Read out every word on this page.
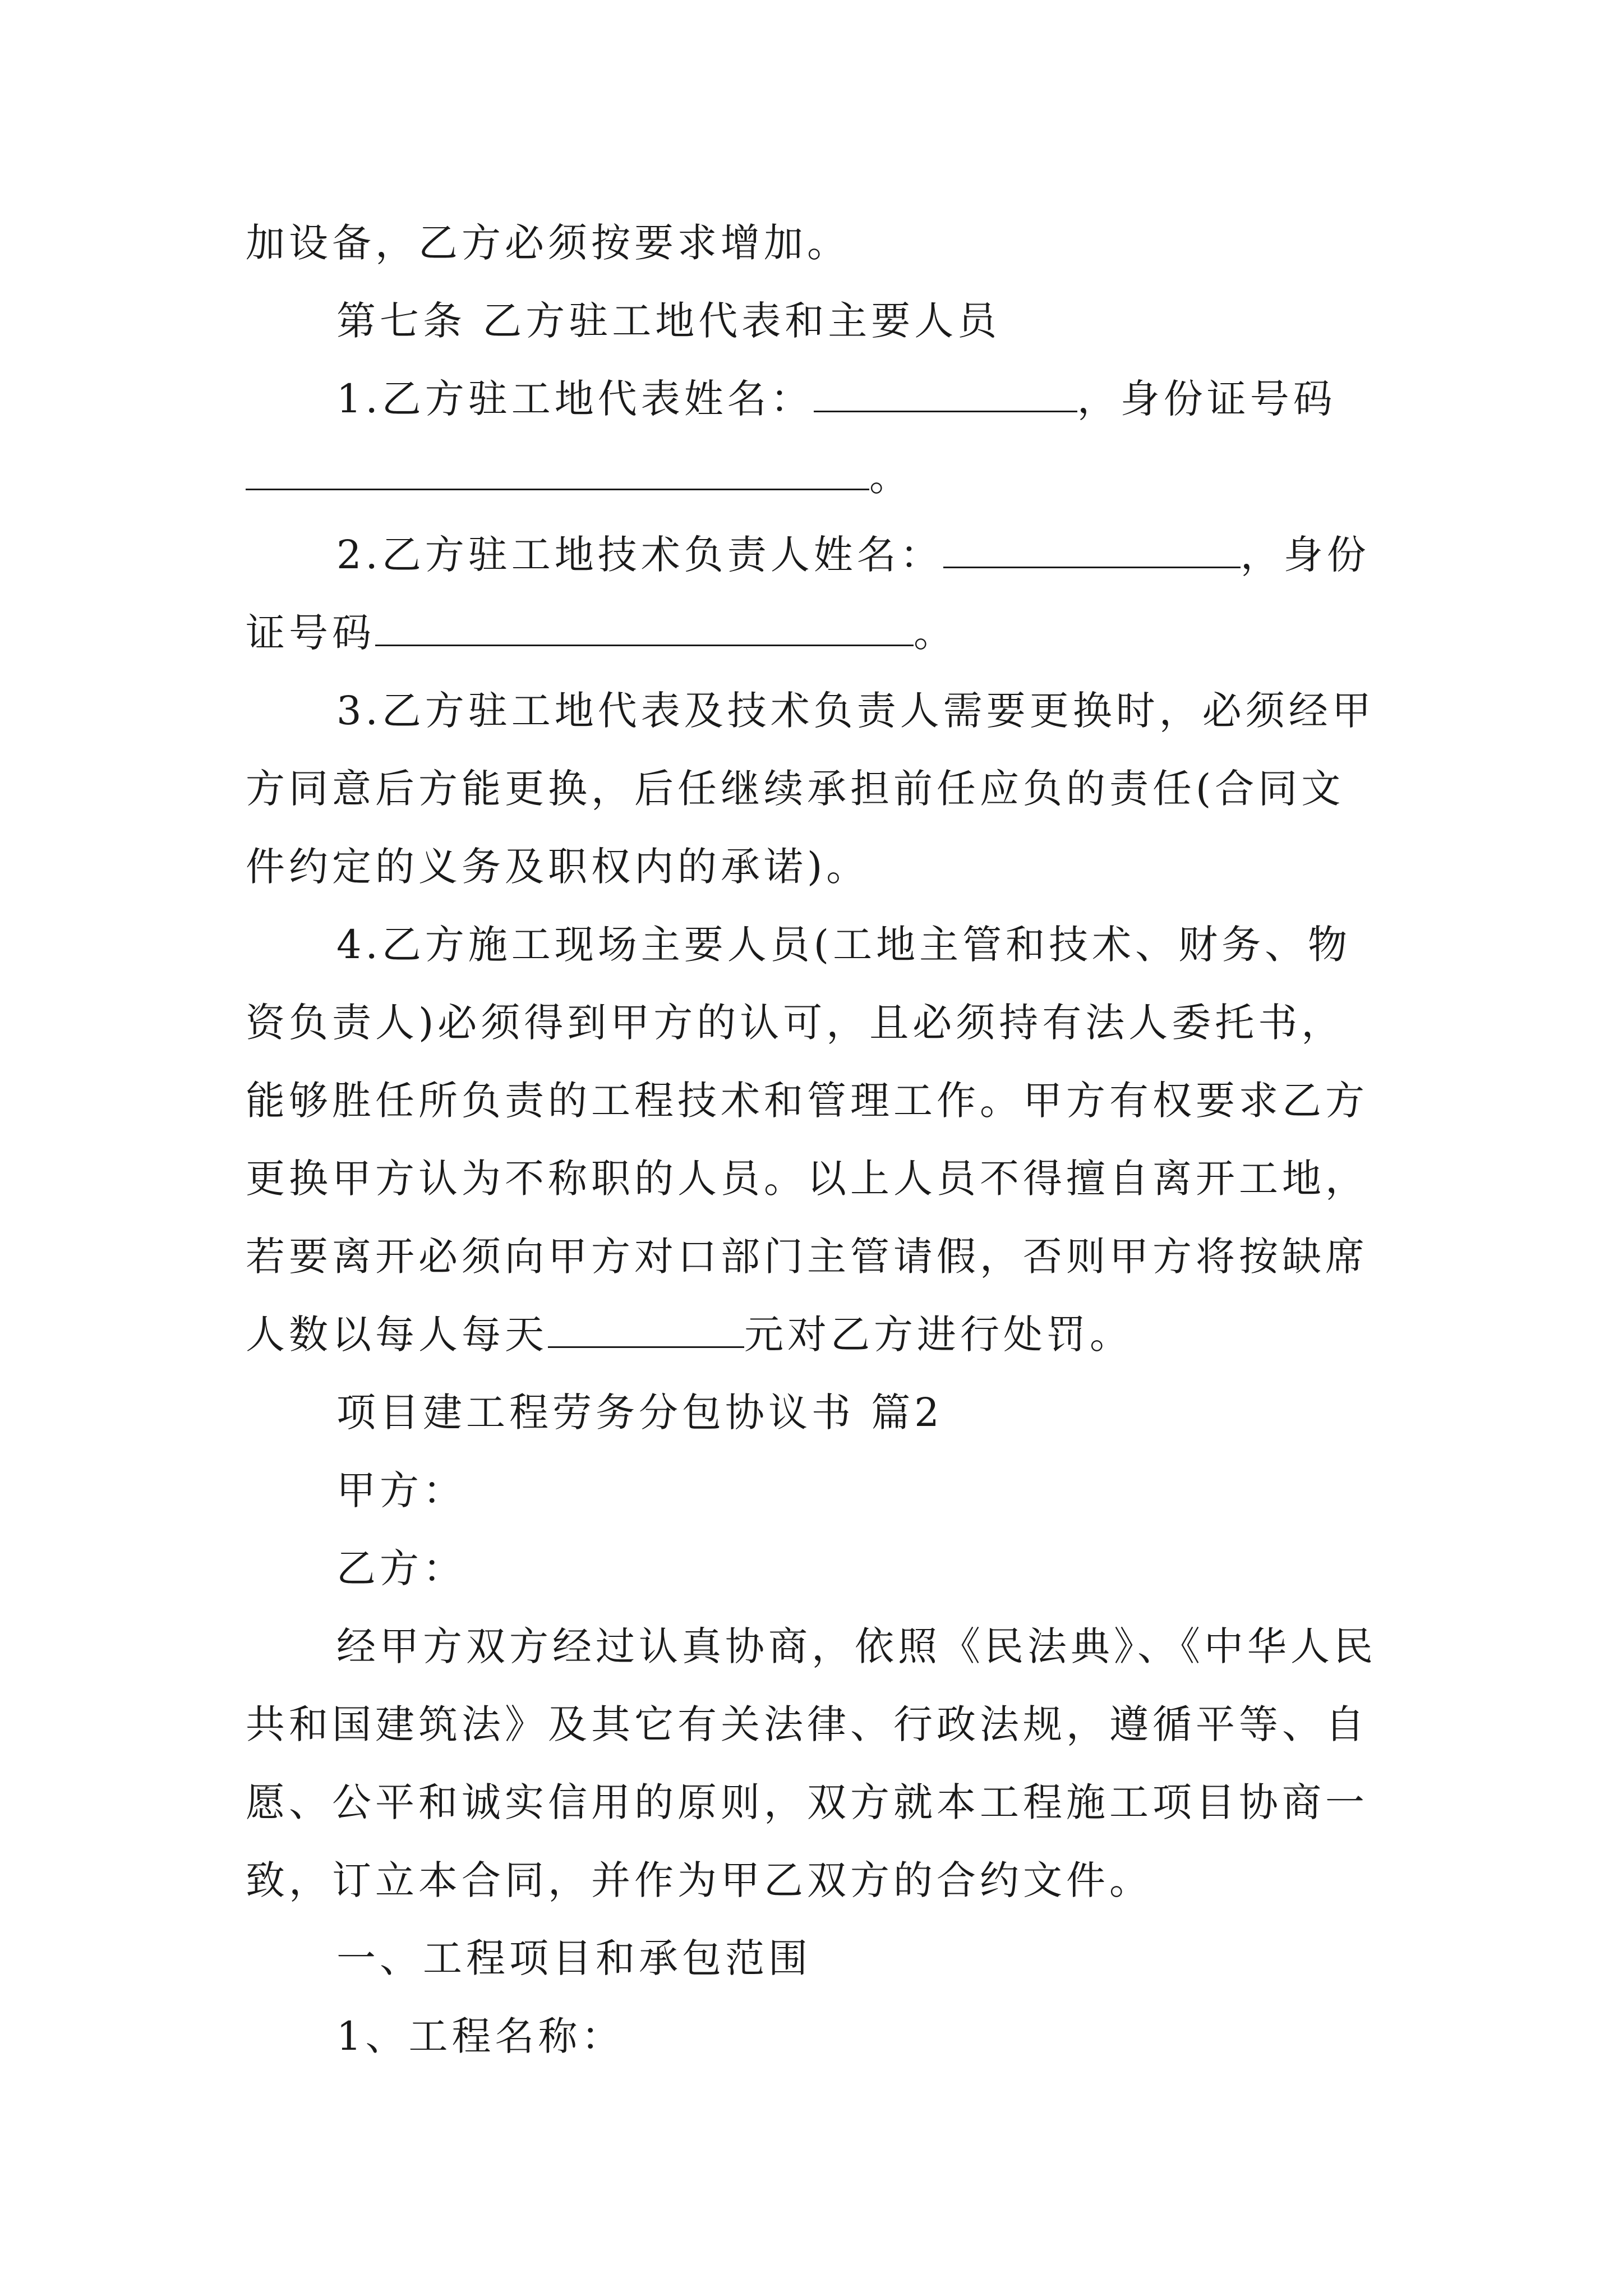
加设备，乙方必须按要求增加。
第七条 乙方驻工地代表和主要人员
1.乙方驻工地代表姓名：	，身份证号码
。
2.乙方驻工地技术负责人姓名：	，身份
证号码	。
3.乙方驻工地代表及技术负责人需要更换时，必须经甲
方同意后方能更换，后任继续承担前任应负的责任(合同文
件约定的义务及职权内的承诺)。
4.乙方施工现场主要人员(工地主管和技术、财务、物
资负责人)必须得到甲方的认可，且必须持有法人委托书，
能够胜任所负责的工程技术和管理工作。甲方有权要求乙方
更换甲方认为不称职的人员。以上人员不得擅自离开工地，
若要离开必须向甲方对口部门主管请假，否则甲方将按缺席
人数以每人每天	元对乙方进行处罚。
项目建工程劳务分包协议书 篇2
甲方：
乙方：
经甲方双方经过认真协商，依照《民法典》、《中华人民
共和国建筑法》及其它有关法律、行政法规，遵循平等、自
愿、公平和诚实信用的原则，双方就本工程施工项目协商一
致，订立本合同，并作为甲乙双方的合约文件。
一、工程项目和承包范围
1、工程名称：
